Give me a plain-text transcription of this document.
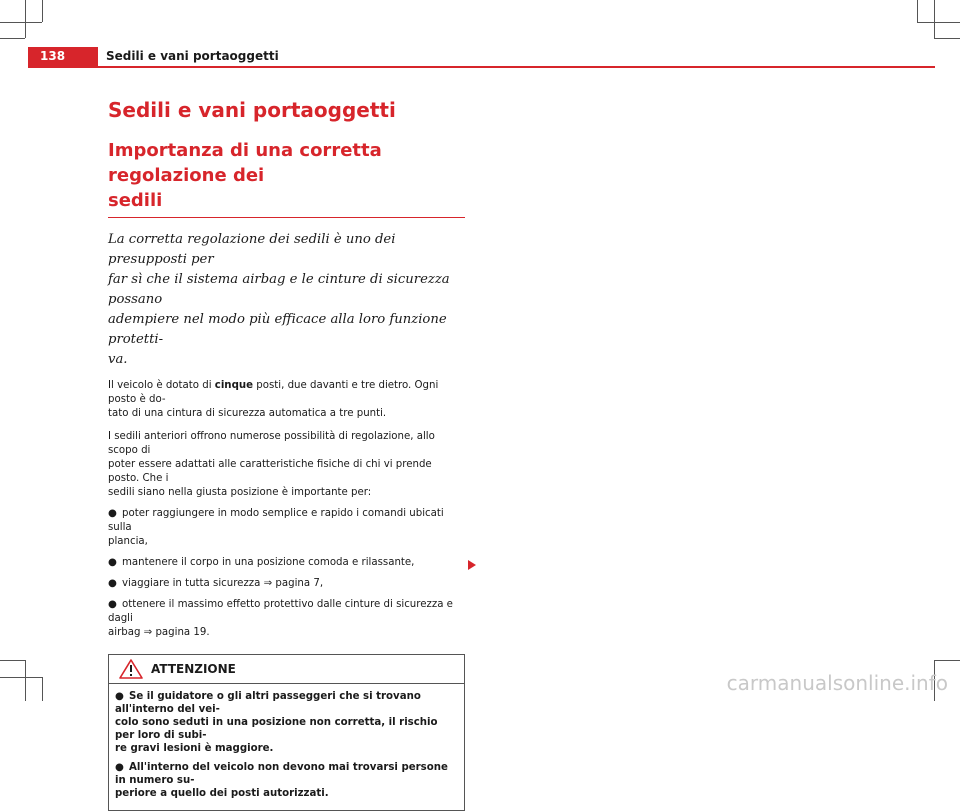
138	Sedili e vani portaoggetti
Sedili e vani portaoggetti
Importanza di una corretta regolazione dei
sedili

La corretta regolazione dei sedili è uno dei presupposti per
far sì che il sistema airbag e le cinture di sicurezza possano
adempiere nel modo più efficace alla loro funzione protetti-
va.

Il veicolo è dotato di cinque posti, due davanti e tre dietro. Ogni posto è do-
tato di una cintura di sicurezza automatica a tre punti.

I sedili anteriori offrono numerose possibilità di regolazione, allo scopo di
poter essere adattati alle caratteristiche fisiche di chi vi prende posto. Che i
sedili siano nella giusta posizione è importante per:

● poter raggiungere in modo semplice e rapido i comandi ubicati sulla
plancia,
● mantenere il corpo in una posizione comoda e rilassante,
● viaggiare in tutta sicurezza ⇒ pagina 7,
● ottenere il massimo effetto protettivo dalle cinture di sicurezza e dagli
airbag ⇒ pagina 19.
ATTENZIONE
● Se il guidatore o gli altri passeggeri che si trovano all'interno del vei-
colo sono seduti in una posizione non corretta, il rischio per loro di subi-
re gravi lesioni è maggiore.
● All'interno del veicolo non devono mai trovarsi persone in numero su-
periore a quello dei posti autorizzati.
carmanualsonline.info
